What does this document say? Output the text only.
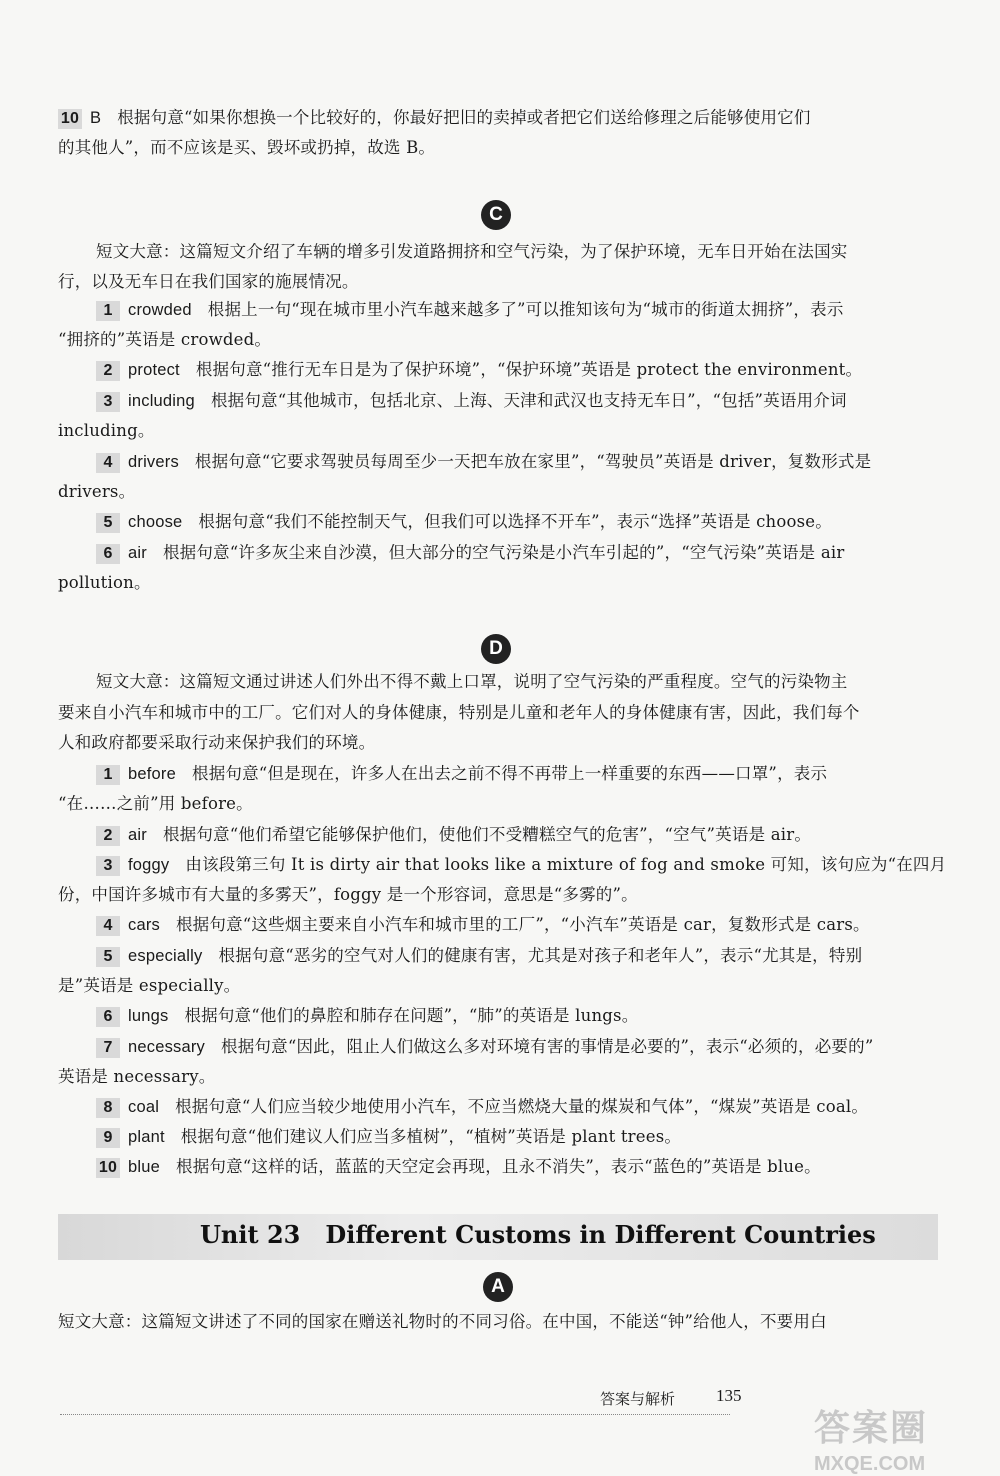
10 B 根据句意“如果你想换一个比较好的，你最好把旧的卖掉或者把它们送给修理之后能够使用它们
的其他人”，而不应该是买、毁坏或扔掉，故选 B。
C
短文大意：这篇短文介绍了车辆的增多引发道路拥挤和空气污染，为了保护环境，无车日开始在法国实
行，以及无车日在我们国家的施展情况。
1 crowded 根据上一句“现在城市里小汽车越来越多了”可以推知该句为“城市的街道太拥挤”，表示
“拥挤的”英语是 crowded。
2 protect 根据句意“推行无车日是为了保护环境”，“保护环境”英语是 protect the environment。
3 including 根据句意“其他城市，包括北京、上海、天津和武汉也支持无车日”，“包括”英语用介词
including。
4 drivers 根据句意“它要求驾驶员每周至少一天把车放在家里”，“驾驶员”英语是 driver，复数形式是
drivers。
5 choose 根据句意“我们不能控制天气，但我们可以选择不开车”，表示“选择”英语是 choose。
6 air 根据句意“许多灰尘来自沙漠，但大部分的空气污染是小汽车引起的”，“空气污染”英语是 air
pollution。
D
短文大意：这篇短文通过讲述人们外出不得不戴上口罩，说明了空气污染的严重程度。空气的污染物主
要来自小汽车和城市中的工厂。它们对人的身体健康，特别是儿童和老年人的身体健康有害，因此，我们每个
人和政府都要采取行动来保护我们的环境。
1 before 根据句意“但是现在，许多人在出去之前不得不再带上一样重要的东西——口罩”，表示
“在……之前”用 before。
2 air 根据句意“他们希望它能够保护他们，使他们不受糟糕空气的危害”，“空气”英语是 air。
3 foggy 由该段第三句 It is dirty air that looks like a mixture of fog and smoke 可知，该句应为“在四月
份，中国许多城市有大量的多雾天”，foggy 是一个形容词，意思是“多雾的”。
4 cars 根据句意“这些烟主要来自小汽车和城市里的工厂”，“小汽车”英语是 car，复数形式是 cars。
5 especially 根据句意“恶劣的空气对人们的健康有害，尤其是对孩子和老年人”，表示“尤其是，特别
是”英语是 especially。
6 lungs 根据句意“他们的鼻腔和肺存在问题”，“肺”的英语是 lungs。
7 necessary 根据句意“因此，阻止人们做这么多对环境有害的事情是必要的”，表示“必须的，必要的”
英语是 necessary。
8 coal 根据句意“人们应当较少地使用小汽车，不应当燃烧大量的煤炭和气体”，“煤炭”英语是 coal。
9 plant 根据句意“他们建议人们应当多植树”，“植树”英语是 plant trees。
10 blue 根据句意“这样的话，蓝蓝的天空定会再现，且永不消失”，表示“蓝色的”英语是 blue。
Unit 23   Different Customs in Different Countries
A
短文大意：这篇短文讲述了不同的国家在赠送礼物时的不同习俗。在中国，不能送“钟”给他人，不要用白
答案与解析 135
答案圈
MXQE.COM
